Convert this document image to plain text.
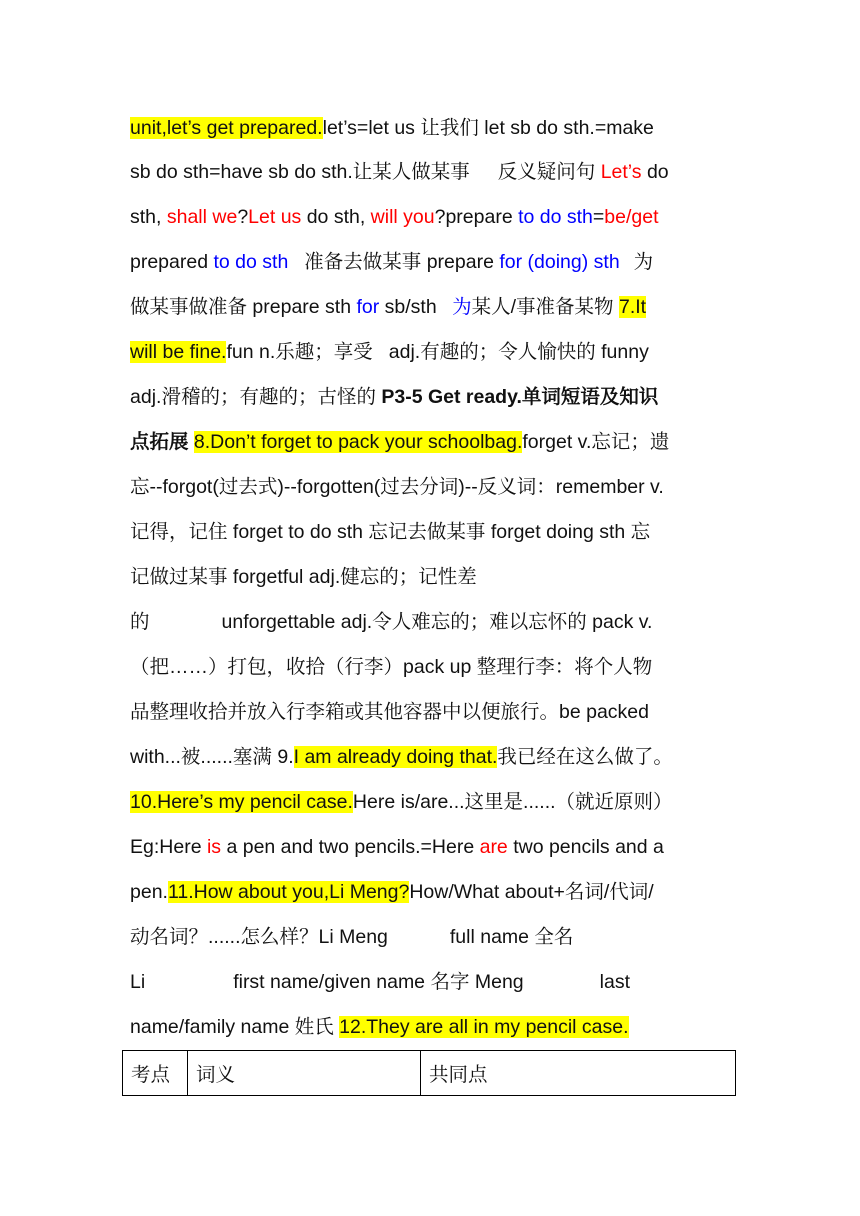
unit,let’s get prepared.let’s=let us 让我们 let sb do sth.=make
sb do sth=have sb do sth.让某人做某事 反义疑问句 Let’s do
sth, shall we?Let us do sth, will you?prepare to do sth=be/get
prepared to do sth 准备去做某事 prepare for (doing) sth 为
做某事做准备 prepare sth for sb/sth 为某人/事准备某物 7.It
will be fine.fun n.乐趣；享受 adj.有趣的；令人愉快的 funny
adj.滑稽的；有趣的；古怪的 P3-5 Get ready.单词短语及知识
点拓展 8.Don’t forget to pack your schoolbag.forget v.忘记；遗
忘--forgot(过去式)--forgotten(过去分词)--反义词：remember v.
记得，记住 forget to do sth 忘记去做某事 forget doing sth 忘
记做过某事 forgetful adj.健忘的；记性差
的	unforgettable adj.令人难忘的；难以忘怀的 pack v.
（把……）打包，收拾（行李）pack up 整理行李：将个人物
品整理收拾并放入行李箱或其他容器中以便旅行。be packed
with...被......塞满 9.I am already doing that.我已经在这么做了。
10.Here’s my pencil case.Here is/are...这里是......（就近原则）
Eg:Here is a pen and two pencils.=Here are two pencils and a
pen.11.How about you,Li Meng?How/What about+名词/代词/
动名词？......怎么样？Li Meng	full name 全名
Li	first name/given name 名字 Meng	last
name/family name 姓氏 12.They are all in my pencil case.
考点	词义	共同点
